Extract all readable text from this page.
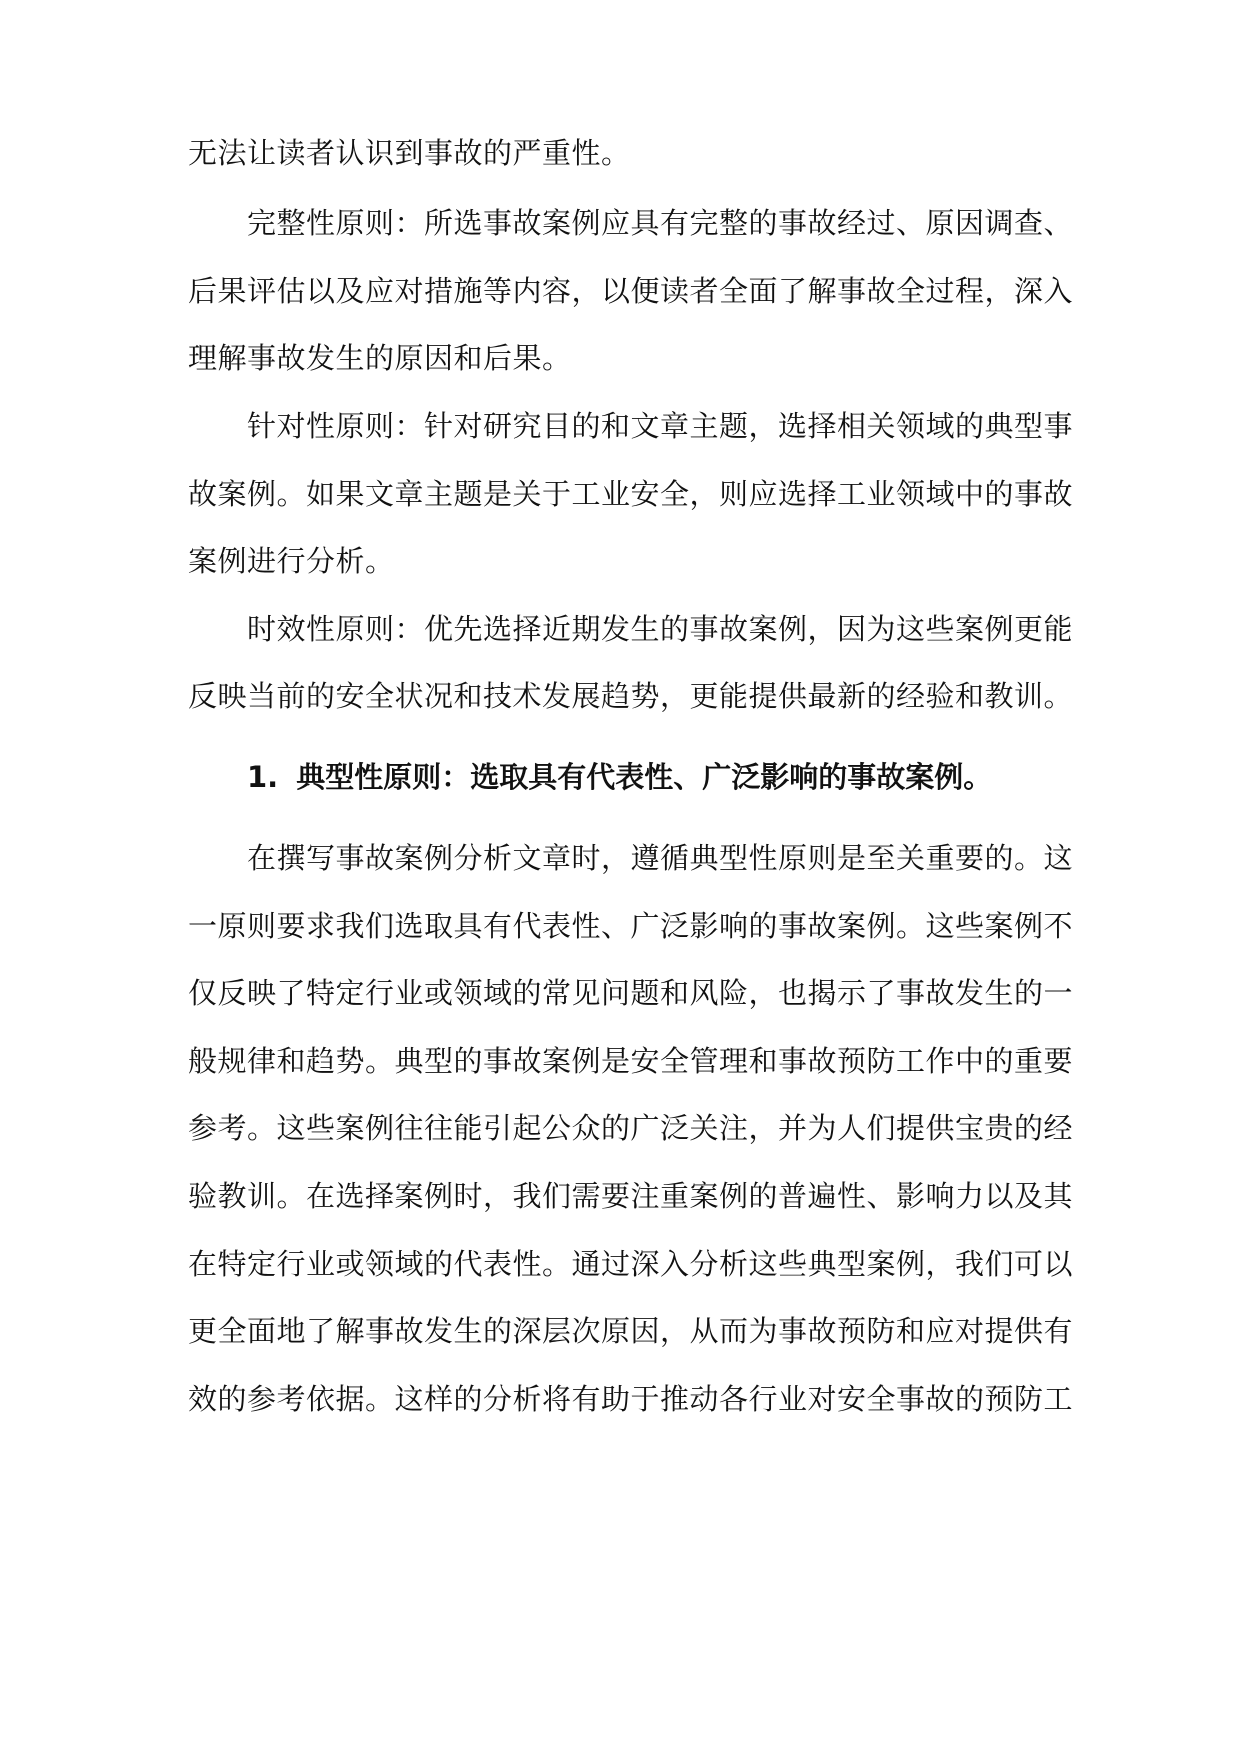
无法让读者认识到事故的严重性。
完整性原则：所选事故案例应具有完整的事故经过、原因调查、
后果评估以及应对措施等内容，以便读者全面了解事故全过程，深入
理解事故发生的原因和后果。
针对性原则：针对研究目的和文章主题，选择相关领域的典型事
故案例。如果文章主题是关于工业安全，则应选择工业领域中的事故
案例进行分析。
时效性原则：优先选择近期发生的事故案例，因为这些案例更能
反映当前的安全状况和技术发展趋势，更能提供最新的经验和教训。
1. 典型性原则：选取具有代表性、广泛影响的事故案例。
在撰写事故案例分析文章时，遵循典型性原则是至关重要的。这
一原则要求我们选取具有代表性、广泛影响的事故案例。这些案例不
仅反映了特定行业或领域的常见问题和风险，也揭示了事故发生的一
般规律和趋势。典型的事故案例是安全管理和事故预防工作中的重要
参考。这些案例往往能引起公众的广泛关注，并为人们提供宝贵的经
验教训。在选择案例时，我们需要注重案例的普遍性、影响力以及其
在特定行业或领域的代表性。通过深入分析这些典型案例，我们可以
更全面地了解事故发生的深层次原因，从而为事故预防和应对提供有
效的参考依据。这样的分析将有助于推动各行业对安全事故的预防工
